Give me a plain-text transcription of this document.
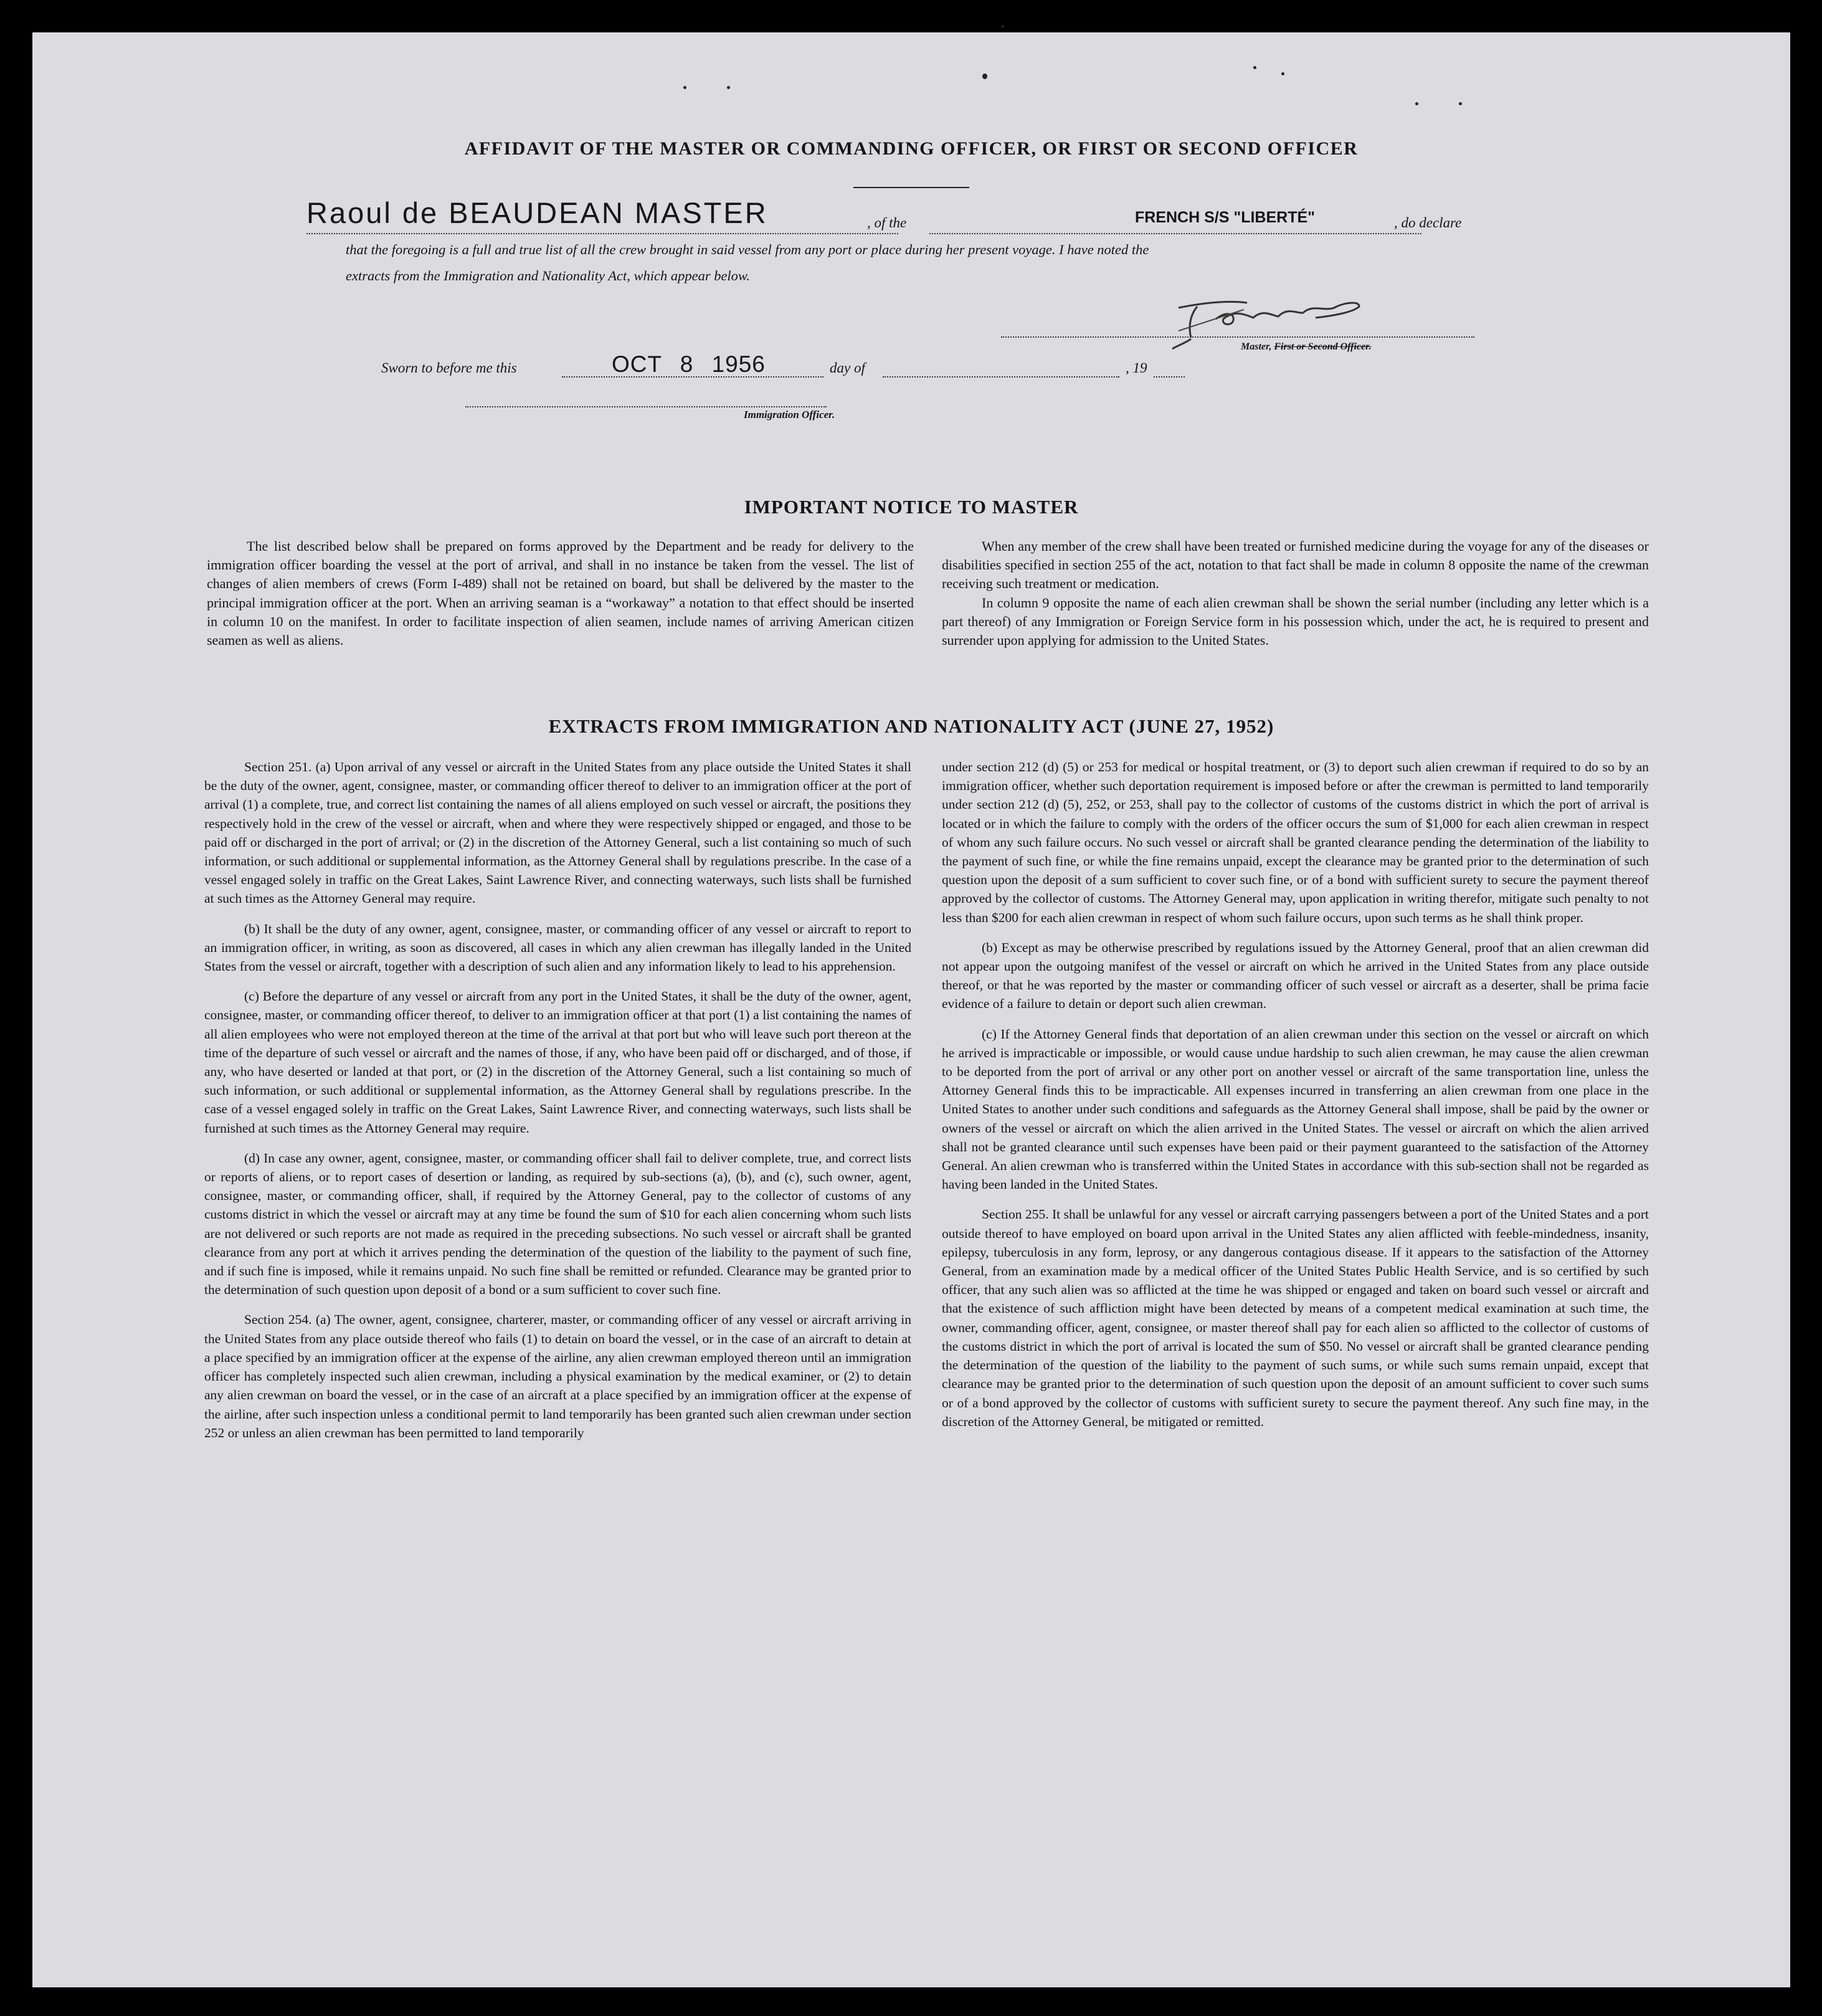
AFFIDAVIT OF THE MASTER OR COMMANDING OFFICER, OR FIRST OR SECOND OFFICER
Raoul de BEAUDEAN MASTER	, of the	FRENCH S/S "LIBERTÉ"	, do declare
that the foregoing is a full and true list of all the crew brought in said vessel from any port or place during her present voyage. I have noted the
extracts from the Immigration and Nationality Act, which appear below.
Master, First or Second Officer.
Sworn to before me this	OCT 8 1956	day of	, 19
Immigration Officer.
IMPORTANT NOTICE TO MASTER

The list described below shall be prepared on forms approved by the Department and be ready for delivery to the immigration officer boarding the vessel at the port of arrival, and shall in no instance be taken from the vessel. The list of changes of alien members of crews (Form I-489) shall not be retained on board, but shall be delivered by the master to the principal immigration officer at the port. When an arriving seaman is a “workaway” a notation to that effect should be inserted in column 10 on the manifest. In order to facilitate inspection of alien seamen, include names of arriving American citizen seamen as well as aliens.

When any member of the crew shall have been treated or furnished medicine during the voyage for any of the diseases or disabilities specified in section 255 of the act, notation to that fact shall be made in column 8 opposite the name of the crewman receiving such treatment or medication.

In column 9 opposite the name of each alien crewman shall be shown the serial number (including any letter which is a part thereof) of any Immigration or Foreign Service form in his possession which, under the act, he is required to present and surrender upon applying for admission to the United States.

EXTRACTS FROM IMMIGRATION AND NATIONALITY ACT (JUNE 27, 1952)

Section 251. (a) Upon arrival of any vessel or aircraft in the United States from any place outside the United States it shall be the duty of the owner, agent, consignee, master, or commanding officer thereof to deliver to an immigration officer at the port of arrival (1) a complete, true, and correct list containing the names of all aliens employed on such vessel or aircraft, the positions they respectively hold in the crew of the vessel or aircraft, when and where they were respectively shipped or engaged, and those to be paid off or discharged in the port of arrival; or (2) in the discretion of the Attorney General, such a list containing so much of such information, or such additional or supplemental information, as the Attorney General shall by regulations prescribe. In the case of a vessel engaged solely in traffic on the Great Lakes, Saint Lawrence River, and connecting waterways, such lists shall be furnished at such times as the Attorney General may require.

(b) It shall be the duty of any owner, agent, consignee, master, or commanding officer of any vessel or aircraft to report to an immigration officer, in writing, as soon as discovered, all cases in which any alien crewman has illegally landed in the United States from the vessel or aircraft, together with a description of such alien and any information likely to lead to his apprehension.

(c) Before the departure of any vessel or aircraft from any port in the United States, it shall be the duty of the owner, agent, consignee, master, or commanding officer thereof, to deliver to an immigration officer at that port (1) a list containing the names of all alien employees who were not employed thereon at the time of the arrival at that port but who will leave such port thereon at the time of the departure of such vessel or aircraft and the names of those, if any, who have been paid off or discharged, and of those, if any, who have deserted or landed at that port, or (2) in the discretion of the Attorney General, such a list containing so much of such information, or such additional or supplemental information, as the Attorney General shall by regulations prescribe. In the case of a vessel engaged solely in traffic on the Great Lakes, Saint Lawrence River, and connecting waterways, such lists shall be furnished at such times as the Attorney General may require.

(d) In case any owner, agent, consignee, master, or commanding officer shall fail to deliver complete, true, and correct lists or reports of aliens, or to report cases of desertion or landing, as required by sub-sections (a), (b), and (c), such owner, agent, consignee, master, or commanding officer, shall, if required by the Attorney General, pay to the collector of customs of any customs district in which the vessel or aircraft may at any time be found the sum of $10 for each alien concerning whom such lists are not delivered or such reports are not made as required in the preceding subsections. No such vessel or aircraft shall be granted clearance from any port at which it arrives pending the determination of the question of the liability to the payment of such fine, and if such fine is imposed, while it remains unpaid. No such fine shall be remitted or refunded. Clearance may be granted prior to the determination of such question upon deposit of a bond or a sum sufficient to cover such fine.

Section 254. (a) The owner, agent, consignee, charterer, master, or commanding officer of any vessel or aircraft arriving in the United States from any place outside thereof who fails (1) to detain on board the vessel, or in the case of an aircraft to detain at a place specified by an immigration officer at the expense of the airline, any alien crewman employed thereon until an immigration officer has completely inspected such alien crewman, including a physical examination by the medical examiner, or (2) to detain any alien crewman on board the vessel, or in the case of an aircraft at a place specified by an immigration officer at the expense of the airline, after such inspection unless a conditional permit to land temporarily has been granted such alien crewman under section 252 or unless an alien crewman has been permitted to land temporarily

under section 212 (d) (5) or 253 for medical or hospital treatment, or (3) to deport such alien crewman if required to do so by an immigration officer, whether such deportation requirement is imposed before or after the crewman is permitted to land temporarily under section 212 (d) (5), 252, or 253, shall pay to the collector of customs of the customs district in which the port of arrival is located or in which the failure to comply with the orders of the officer occurs the sum of $1,000 for each alien crewman in respect of whom any such failure occurs. No such vessel or aircraft shall be granted clearance pending the determination of the liability to the payment of such fine, or while the fine remains unpaid, except the clearance may be granted prior to the determination of such question upon the deposit of a sum sufficient to cover such fine, or of a bond with sufficient surety to secure the payment thereof approved by the collector of customs. The Attorney General may, upon application in writing therefor, mitigate such penalty to not less than $200 for each alien crewman in respect of whom such failure occurs, upon such terms as he shall think proper.

(b) Except as may be otherwise prescribed by regulations issued by the Attorney General, proof that an alien crewman did not appear upon the outgoing manifest of the vessel or aircraft on which he arrived in the United States from any place outside thereof, or that he was reported by the master or commanding officer of such vessel or aircraft as a deserter, shall be prima facie evidence of a failure to detain or deport such alien crewman.

(c) If the Attorney General finds that deportation of an alien crewman under this section on the vessel or aircraft on which he arrived is impracticable or impossible, or would cause undue hardship to such alien crewman, he may cause the alien crewman to be deported from the port of arrival or any other port on another vessel or aircraft of the same transportation line, unless the Attorney General finds this to be impracticable. All expenses incurred in transferring an alien crewman from one place in the United States to another under such conditions and safeguards as the Attorney General shall impose, shall be paid by the owner or owners of the vessel or aircraft on which the alien arrived in the United States. The vessel or aircraft on which the alien arrived shall not be granted clearance until such expenses have been paid or their payment guaranteed to the satisfaction of the Attorney General. An alien crewman who is transferred within the United States in accordance with this sub-section shall not be regarded as having been landed in the United States.

Section 255. It shall be unlawful for any vessel or aircraft carrying passengers between a port of the United States and a port outside thereof to have employed on board upon arrival in the United States any alien afflicted with feeble-mindedness, insanity, epilepsy, tuberculosis in any form, leprosy, or any dangerous contagious disease. If it appears to the satisfaction of the Attorney General, from an examination made by a medical officer of the United States Public Health Service, and is so certified by such officer, that any such alien was so afflicted at the time he was shipped or engaged and taken on board such vessel or aircraft and that the existence of such affliction might have been detected by means of a competent medical examination at such time, the owner, commanding officer, agent, consignee, or master thereof shall pay for each alien so afflicted to the collector of customs of the customs district in which the port of arrival is located the sum of $50. No vessel or aircraft shall be granted clearance pending the determination of the question of the liability to the payment of such sums, or while such sums remain unpaid, except that clearance may be granted prior to the determination of such question upon the deposit of an amount sufficient to cover such sums or of a bond approved by the collector of customs with sufficient surety to secure the payment thereof. Any such fine may, in the discretion of the Attorney General, be mitigated or remitted.
